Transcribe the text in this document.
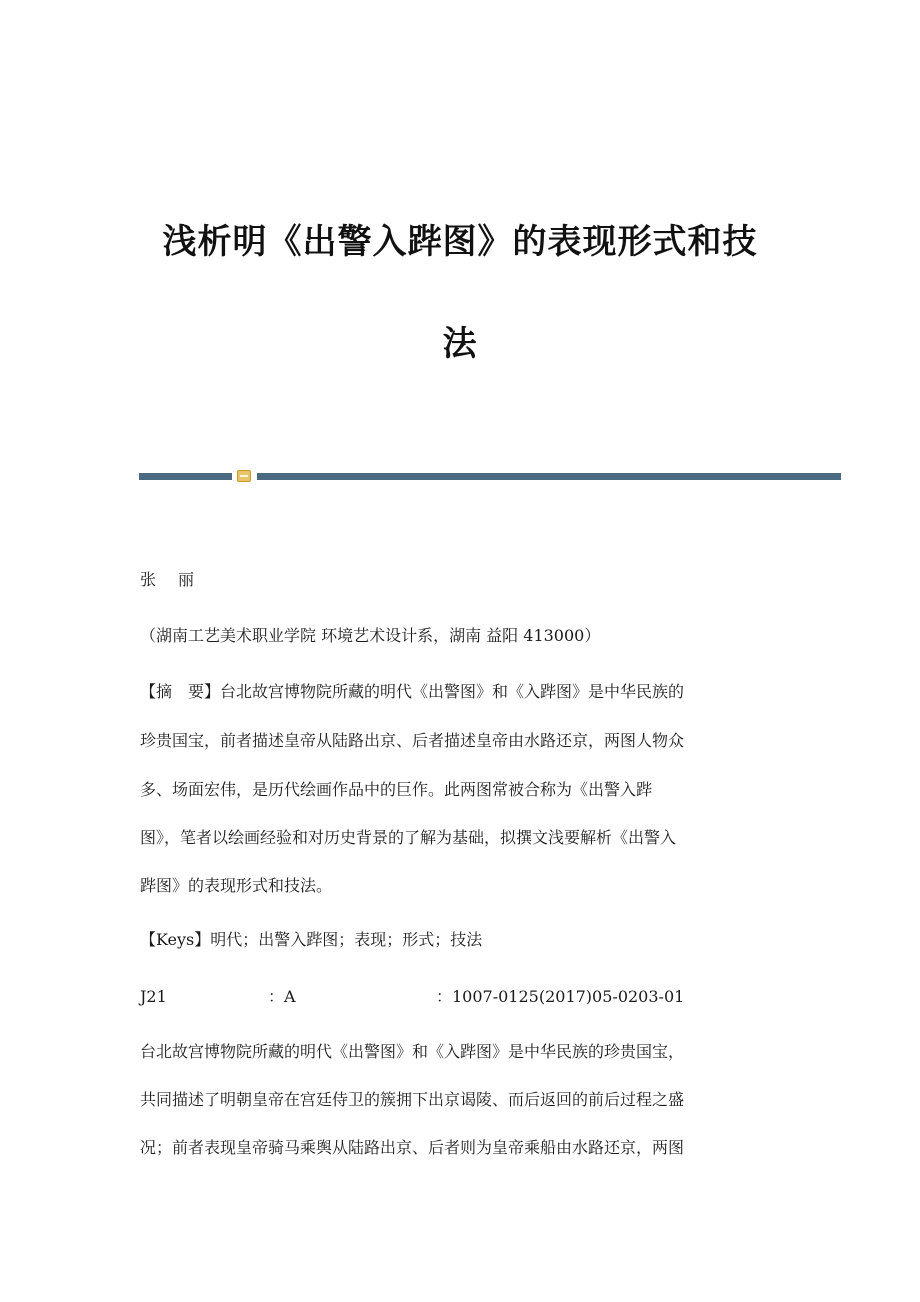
浅析明《出警入跸图》的表现形式和技
法
张 丽
（湖南工艺美术职业学院 环境艺术设计系，湖南 益阳 413000）
【摘　要】台北故宫博物院所藏的明代《出警图》和《入跸图》是中华民族的
珍贵国宝，前者描述皇帝从陆路出京、后者描述皇帝由水路还京，两图人物众
多、场面宏伟，是历代绘画作品中的巨作。此两图常被合称为《出警入跸
图》，笔者以绘画经验和对历史背景的了解为基础，拟撰文浅要解析《出警入
跸图》的表现形式和技法。
【Keys】明代；出警入跸图；表现；形式；技法
J21	：A	：1007-0125(2017)05-0203-01
台北故宫博物院所藏的明代《出警图》和《入跸图》是中华民族的珍贵国宝，
共同描述了明朝皇帝在宫廷侍卫的簇拥下出京谒陵、而后返回的前后过程之盛
况；前者表现皇帝骑马乘舆从陆路出京、后者则为皇帝乘船由水路还京，两图
